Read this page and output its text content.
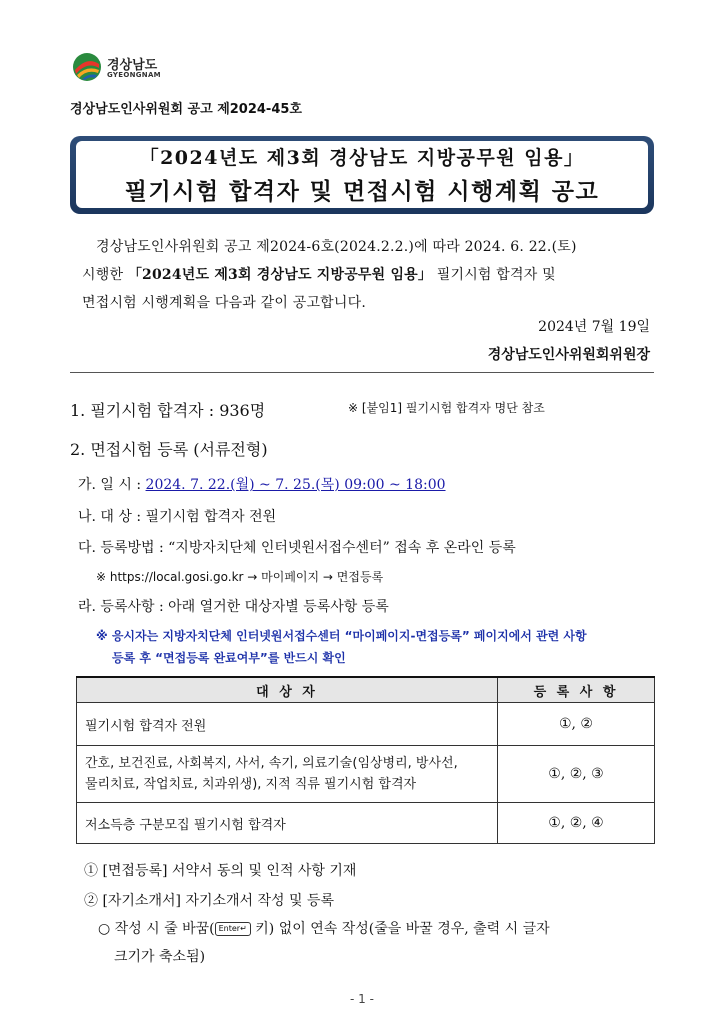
경상남도
GYEONGNAM
경상남도인사위원회 공고 제2024-45호
「2024년도 제3회 경상남도 지방공무원 임용」
필기시험 합격자 및 면접시험 시행계획 공고
경상남도인사위원회 공고 제2024-6호(2024.2.2.)에 따라 2024. 6. 22.(토)
시행한 「2024년도 제3회 경상남도 지방공무원 임용」 필기시험 합격자 및
면접시험 시행계획을 다음과 같이 공고합니다.
2024년 7월 19일
경상남도인사위원회위원장
1. 필기시험 합격자 : 936명	※ [붙임1] 필기시험 합격자 명단 참조
2. 면접시험 등록 (서류전형)
가. 일 시 : 2024. 7. 22.(월) ~ 7. 25.(목) 09:00 ~ 18:00
나. 대 상 : 필기시험 합격자 전원
다. 등록방법 : “지방자치단체 인터넷원서접수센터” 접속 후 온라인 등록
※ https://local.gosi.go.kr → 마이페이지 → 면접등록
라. 등록사항 : 아래 열거한 대상자별 등록사항 등록
※ 응시자는 지방자치단체 인터넷원서접수센터 “마이페이지-면접등록” 페이지에서 관련 사항
등록 후 “면접등록 완료여부”를 반드시 확인
대 상 자	등 록 사 항
필기시험 합격자 전원	①, ②

간호, 보건진료, 사회복지, 사서, 속기, 의료기술(임상병리, 방사선,
물리치료, 작업치료, 치과위생), 지적 직류 필기시험 합격자	①, ②, ③
저소득층 구분모집 필기시험 합격자	①, ②, ④
① [면접등록] 서약서 동의 및 인적 사항 기재
② [자기소개서] 자기소개서 작성 및 등록
○ 작성 시 줄 바꿈( Enter↵ 키) 없이 연속 작성(줄을 바꿀 경우, 출력 시 글자
크기가 축소됨)
- 1 -
